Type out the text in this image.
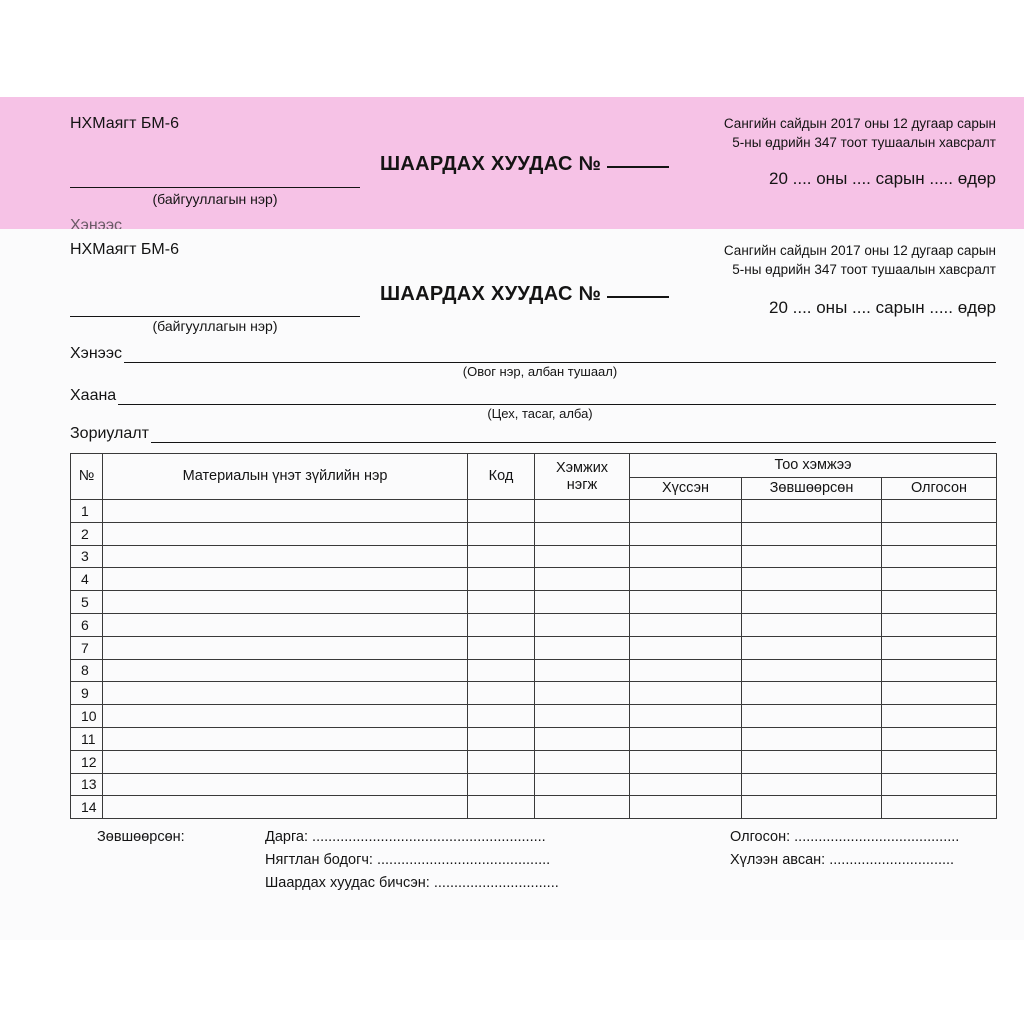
НХМаягт БМ-6	Сангийн сайдын 2017 оны 12 дугаар сарын
5-ны өдрийн 347 тоот тушаалын хавсралт
ШААРДАХ ХУУДАС №
20 .... оны .... сарын ..... өдөр
(байгууллагын нэр)
Хэнээс
НХМаягт БМ-6	Сангийн сайдын 2017 оны 12 дугаар сарын
5-ны өдрийн 347 тоот тушаалын хавсралт
ШААРДАХ ХУУДАС №
20 .... оны .... сарын ..... өдөр
(байгууллагын нэр)
Хэнээс
(Овог нэр, албан тушаал)
Хаана
(Цех, тасаг, алба)
Зориулалт
№	Материалын үнэт зүйлийн нэр	Код	Хэмжих нэгж	Тоо хэмжээ		
				Хүссэн	Зөвшөөрсөн	Олгосон
1						
2						
3						
4						
5						
6						
7						
8						
9						
10						
11						
12						
13						
14						
Зөвшөөрсөн:	Дарга: ..........................................................
Нягтлан бодогч: ...........................................
Шаардах хуудас бичсэн: ...............................
Олгосон: .........................................
Хүлээн авсан: ...............................
